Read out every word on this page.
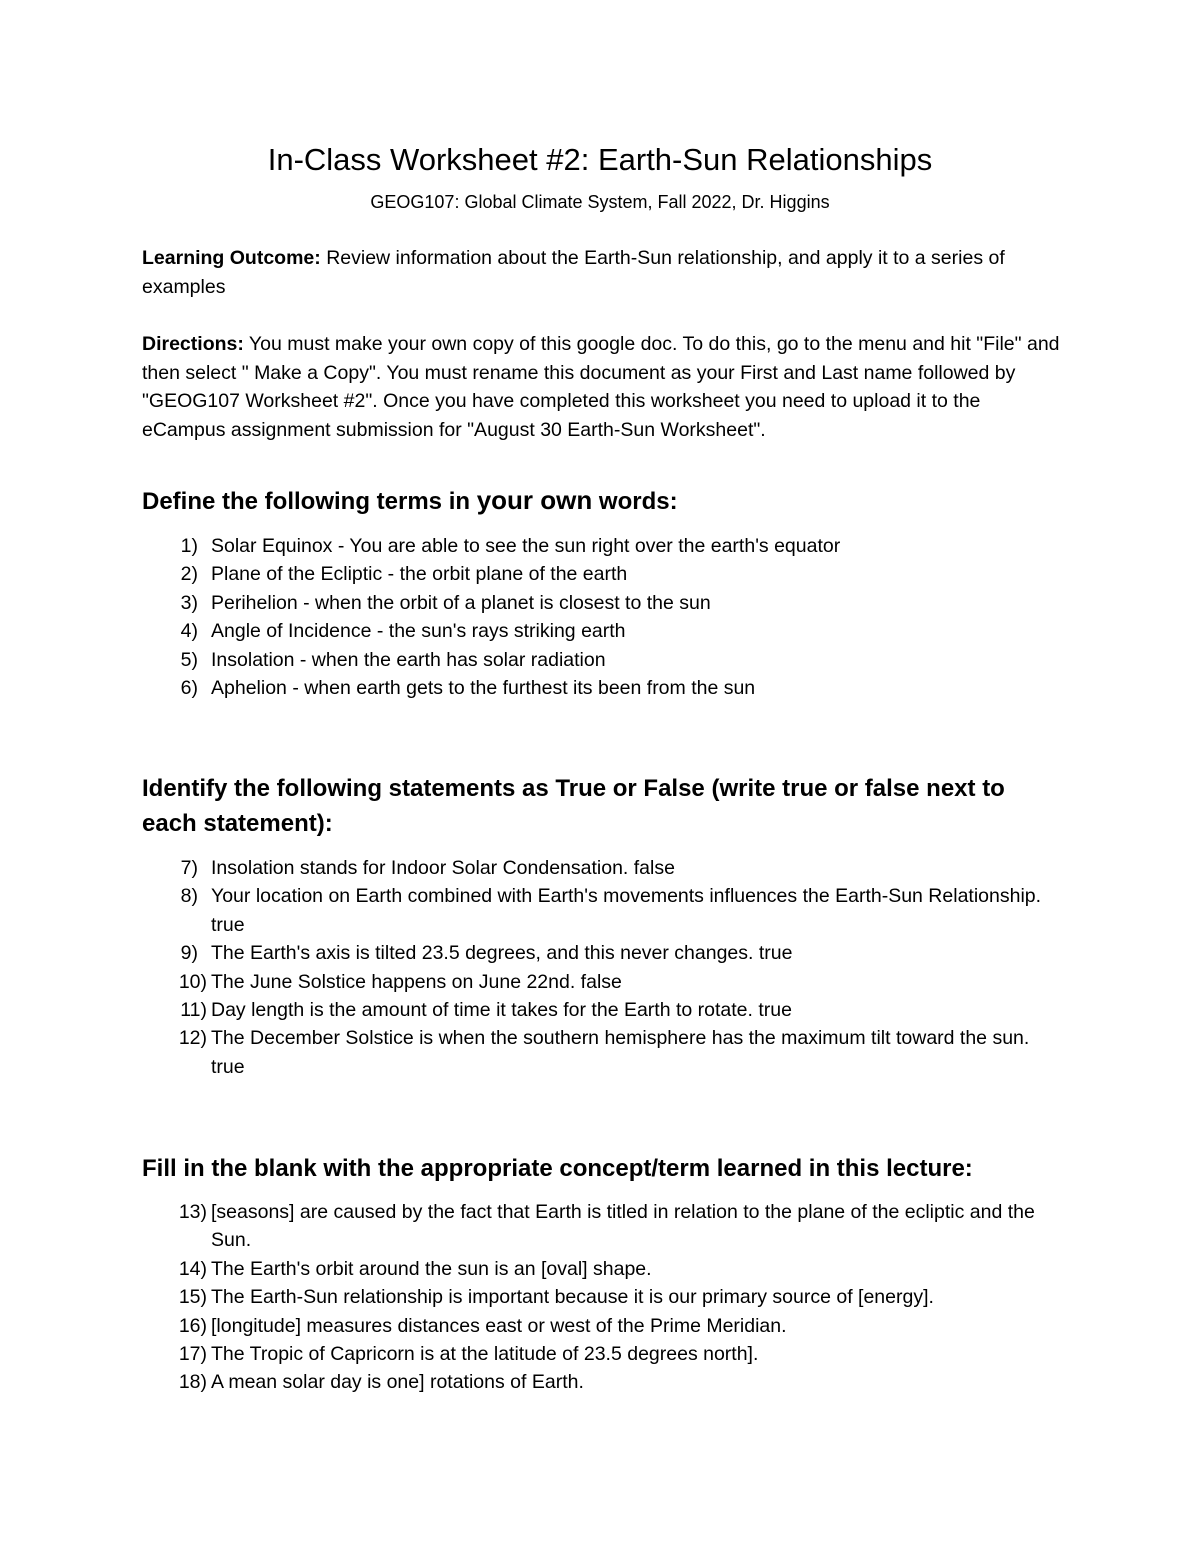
In-Class Worksheet #2: Earth-Sun Relationships

GEOG107: Global Climate System, Fall 2022, Dr. Higgins

Learning Outcome: Review information about the Earth-Sun relationship, and apply it to a series of examples

Directions: You must make your own copy of this google doc. To do this, go to the menu and hit "File" and then select " Make a Copy". You must rename this document as your First and Last name followed by "GEOG107 Worksheet #2". Once you have completed this worksheet you need to upload it to the eCampus assignment submission for "August 30 Earth-Sun Worksheet".

Define the following terms in your own words:
1) Solar Equinox - You are able to see the sun right over the earth's equator
2) Plane of the Ecliptic - the orbit plane of the earth
3) Perihelion - when the orbit of a planet is closest to the sun
4) Angle of Incidence - the sun's rays striking earth
5) Insolation - when the earth has solar radiation
6) Aphelion - when earth gets to the furthest its been from the sun
Identify the following statements as True or False (write true or false next to each statement):
7) Insolation stands for Indoor Solar Condensation. false
8) Your location on Earth combined with Earth's movements influences the Earth-Sun Relationship. true
9) The Earth's axis is tilted 23.5 degrees, and this never changes. true
10) The June Solstice happens on June 22nd. false
11) Day length is the amount of time it takes for the Earth to rotate. true
12) The December Solstice is when the southern hemisphere has the maximum tilt toward the sun. true
Fill in the blank with the appropriate concept/term learned in this lecture:
13) [seasons] are caused by the fact that Earth is titled in relation to the plane of the ecliptic and the Sun.
14) The Earth's orbit around the sun is an [oval] shape.
15) The Earth-Sun relationship is important because it is our primary source of [energy].
16) [longitude] measures distances east or west of the Prime Meridian.
17) The Tropic of Capricorn is at the latitude of 23.5 degrees north].
18) A mean solar day is one] rotations of Earth.
